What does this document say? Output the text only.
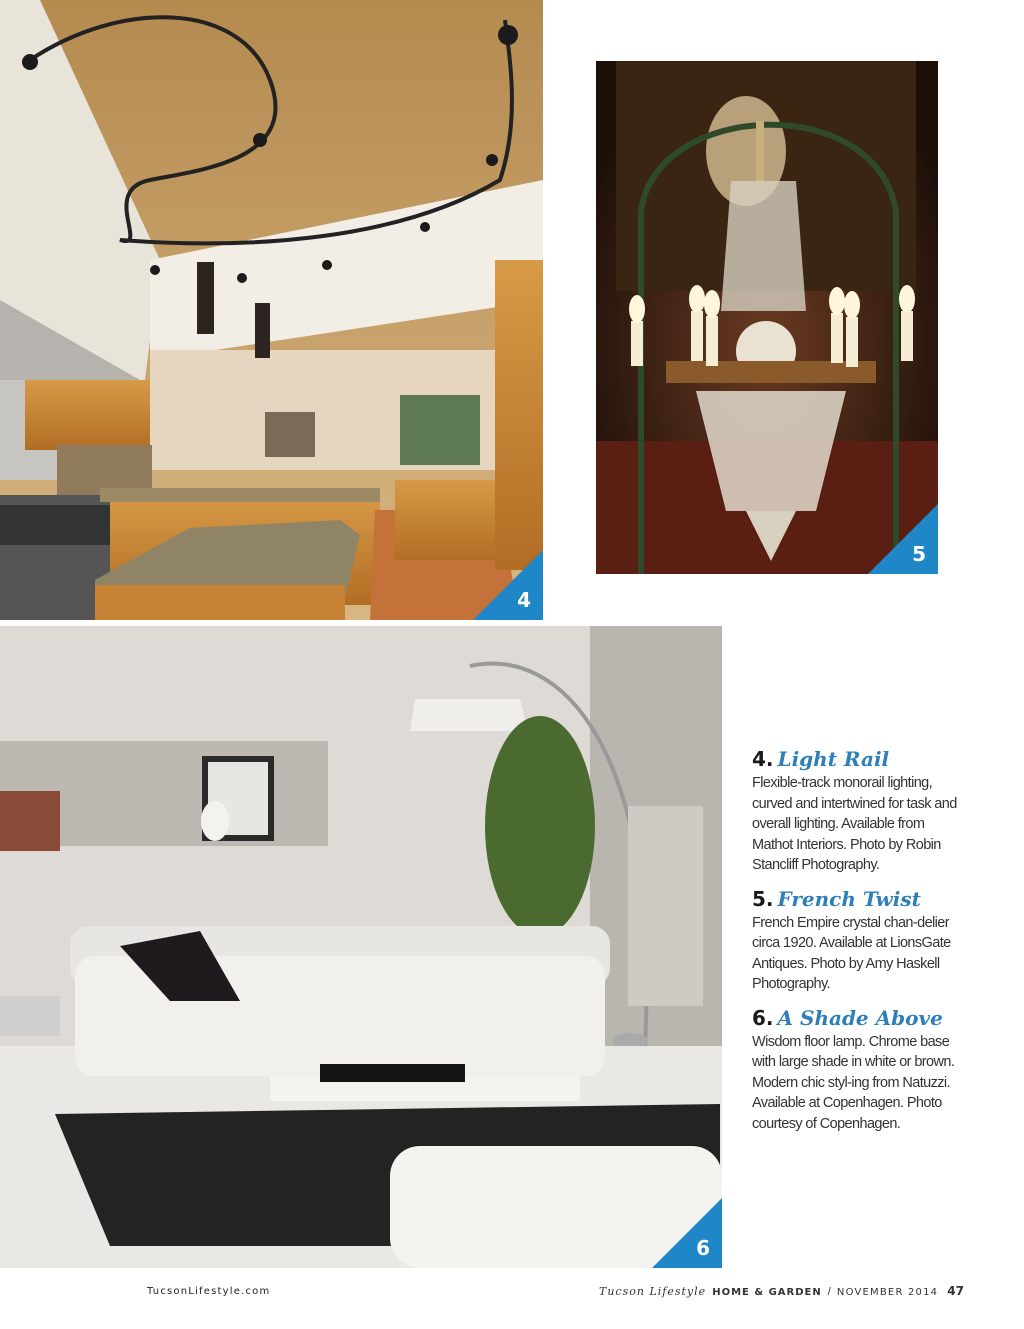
4
5
6

4. Light Rail

Flexible-track monorail lighting, curved and intertwined for task and overall lighting. Available from Mathot Interiors. Photo by Robin Stancliff Photography.

5. French Twist

French Empire crystal chan-delier circa 1920. Available at LionsGate Antiques. Photo by Amy Haskell Photography.

6. A Shade Above

Wisdom floor lamp. Chrome base with large shade in white or brown. Modern chic styl-ing from Natuzzi. Available at Copenhagen. Photo courtesy of Copenhagen.

TucsonLifestyle.com	Tucson Lifestyle HOME & GARDEN / NOVEMBER 2014 47
